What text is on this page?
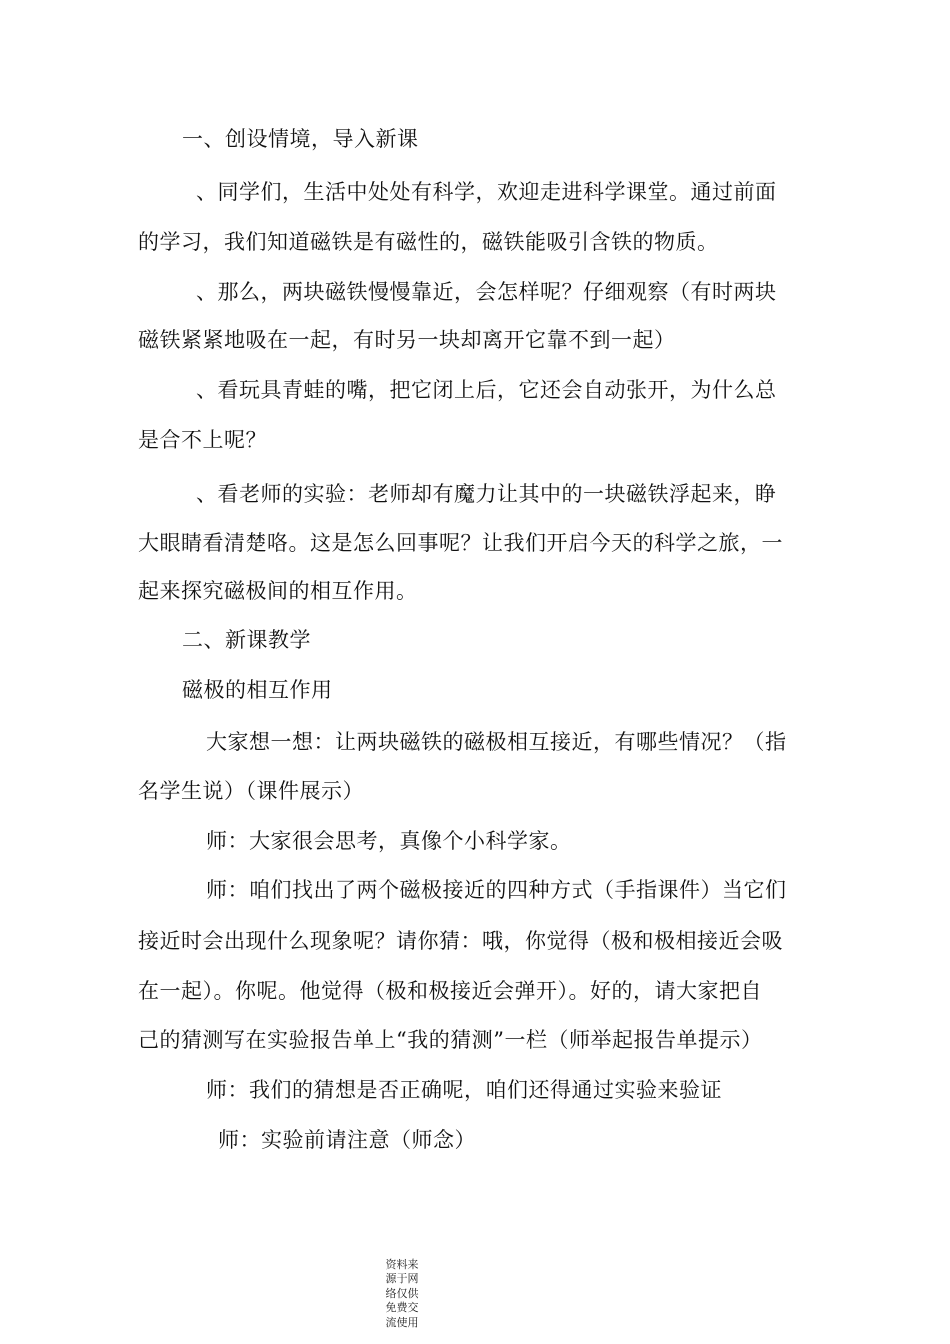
一、创设情境，导入新课
、同学们，生活中处处有科学，欢迎走进科学课堂。通过前面
的学习，我们知道磁铁是有磁性的，磁铁能吸引含铁的物质。
、那么，两块磁铁慢慢靠近，会怎样呢？仔细观察（有时两块
磁铁紧紧地吸在一起，有时另一块却离开它靠不到一起）
、看玩具青蛙的嘴，把它闭上后，它还会自动张开，为什么总
是合不上呢？
、看老师的实验：老师却有魔力让其中的一块磁铁浮起来，睁
大眼睛看清楚咯。这是怎么回事呢？让我们开启今天的科学之旅，一
起来探究磁极间的相互作用。
二、新课教学
磁极的相互作用
大家想一想：让两块磁铁的磁极相互接近，有哪些情况？（指
名学生说）（课件展示）
师：大家很会思考，真像个小科学家。
师：咱们找出了两个磁极接近的四种方式（手指课件）当它们
接近时会出现什么现象呢？请你猜：哦，你觉得（极和极相接近会吸
在一起）。你呢。他觉得（极和极接近会弹开）。好的，请大家把自
己的猜测写在实验报告单上“我的猜测”一栏（师举起报告单提示）
师：我们的猜想是否正确呢，咱们还得通过实验来验证
师：实验前请注意（师念）
资料来
源于网
络仅供
免费交
流使用
